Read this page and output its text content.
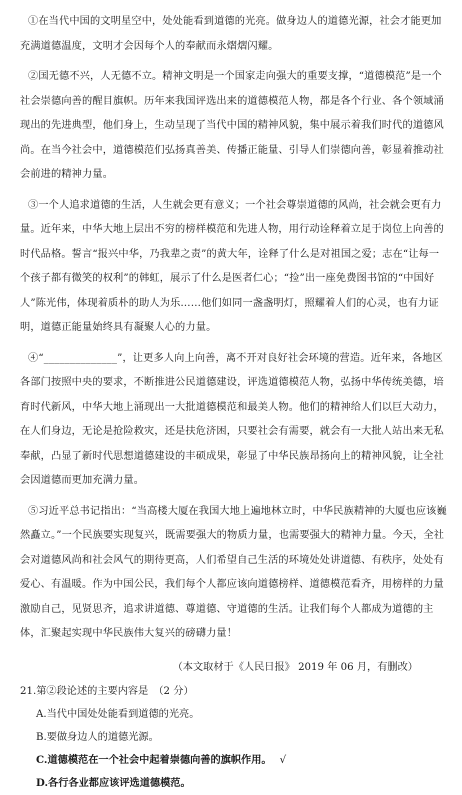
①在当代中国的文明星空中，处处能看到道德的光亮。做身边人的道德光源，社会才能更加充满道德温度，文明才会因每个人的奉献而永熠熠闪耀。

②国无德不兴，人无德不立。精神文明是一个国家走向强大的重要支撑，“道德模范”是一个社会崇德向善的醒目旗帜。历年来我国评选出来的道德模范人物，都是各个行业、各个领域涌现出的先进典型，他们身上，生动呈现了当代中国的精神风貌，集中展示着我们时代的道德风尚。在当今社会中，道德模范们弘扬真善美、传播正能量、引导人们崇德向善，彰显着推动社会前进的精神力量。

③一个人追求道德的生活，人生就会更有意义；一个社会尊崇道德的风尚，社会就会更有力量。近年来，中华大地上层出不穷的榜样模范和先进人物，用行动诠释着立足于岗位上向善的时代品格。誓言“报兴中华，乃我辈之责”的黄大年，诠释了什么是对祖国之爱；志在“让每一个孩子都有微笑的权利”的韩虹，展示了什么是医者仁心；“捡”出一座免费图书馆的“中国好人”陈光伟，体现着质朴的助人为乐……他们如同一盏盏明灯，照耀着人们的心灵，也有力证明，道德正能量始终具有凝聚人心的力量。

④“______________”，让更多人向上向善，离不开对良好社会环境的营造。近年来，各地区各部门按照中央的要求，不断推进公民道德建设，评选道德模范人物，弘扬中华传统美德，培育时代新风，中华大地上涌现出一大批道德模范和最美人物。他们的精神给人们以巨大动力，在人们身边，无论是抢险救灾，还是扶危济困，只要社会有需要，就会有一大批人站出来无私奉献，凸显了新时代思想道德建设的丰硕成果，彰显了中华民族昂扬向上的精神风貌，让全社会因道德而更加充满力量。

⑤习近平总书记指出：“当高楼大厦在我国大地上遍地林立时，中华民族精神的大厦也应该巍然矗立。”一个民族要实现复兴，既需要强大的物质力量，也需要强大的精神力量。今天，全社会对道德风尚和社会风气的期待更高，人们希望自己生活的环境处处讲道德、有秩序，处处有爱心、有温暖。作为中国公民，我们每个人都应该向道德榜样、道德模范看齐，用榜样的力量激励自己，见贤思齐，追求讲道德、尊道德、守道德的生活。让我们每个人都成为道德的主体，汇聚起实现中华民族伟大复兴的磅礴力量！

（本文取材于《人民日报》 2019 年 06 月，有删改）

21.第②段论述的主要内容是　（2 分）

A.当代中国处处能看到道德的光亮。

B.要做身边人的道德光源。

C.道德模范在一个社会中起着崇德向善的旗帜作用。 √

D.各行各业都应该评选道德模范。
